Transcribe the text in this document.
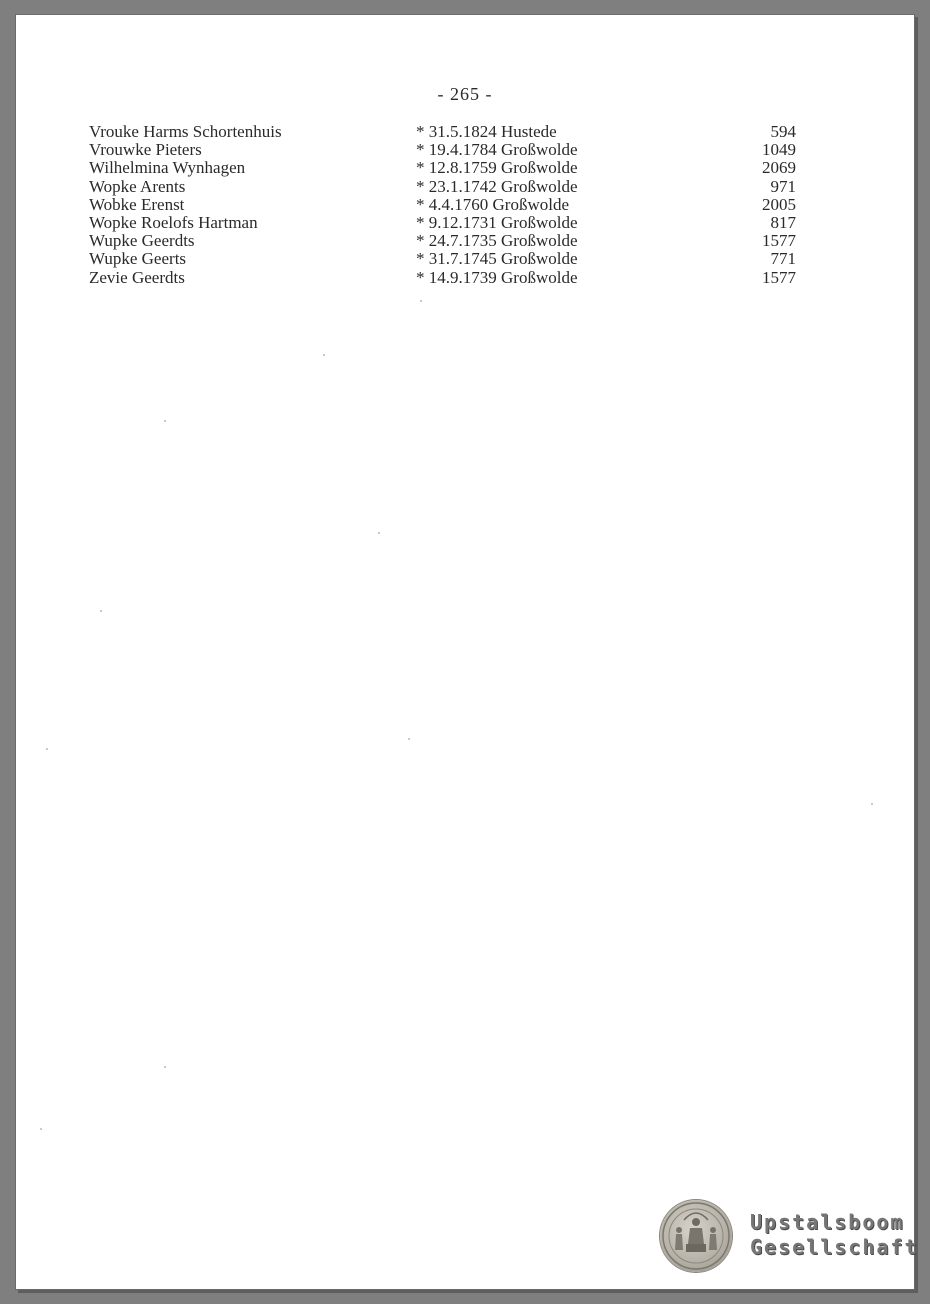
- 265 -
Vrouke Harms Schortenhuis	* 31.5.1824 Hustede	594
Vrouwke Pieters	* 19.4.1784 Großwolde	1049
Wilhelmina Wynhagen	* 12.8.1759 Großwolde	2069
Wopke Arents	* 23.1.1742 Großwolde	971
Wobke Erenst	* 4.4.1760 Großwolde	2005
Wopke Roelofs Hartman	* 9.12.1731 Großwolde	817
Wupke Geerdts	* 24.7.1735 Großwolde	1577
Wupke Geerts	* 31.7.1745 Großwolde	771
Zevie Geerdts	* 14.9.1739 Großwolde	1577
Upstalsboom
Gesellschaft
